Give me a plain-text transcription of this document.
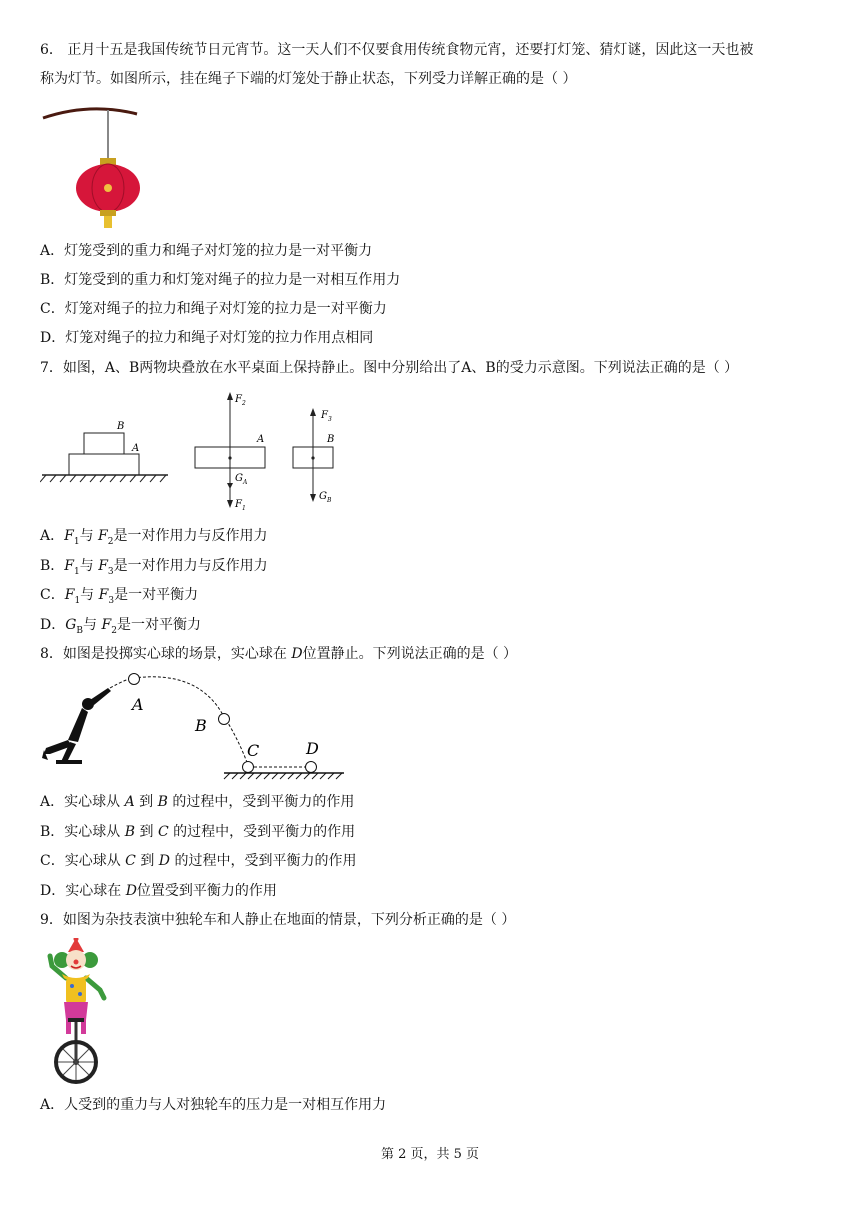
6． 正月十五是我国传统节日元宵节。这一天人们不仅要食用传统食物元宵，还要打灯笼、猜灯谜，因此这一天也被
称为灯节。如图所示，挂在绳子下端的灯笼处于静止状态，下列受力详解正确的是（ ）
A．灯笼受到的重力和绳子对灯笼的拉力是一对平衡力
B．灯笼受到的重力和灯笼对绳子的拉力是一对相互作用力
C．灯笼对绳子的拉力和绳子对灯笼的拉力是一对平衡力
D．灯笼对绳子的拉力和绳子对灯笼的拉力作用点相同
7．如图，A、B两物块叠放在水平桌面上保持静止。图中分别给出了A、B的受力示意图。下列说法正确的是（ ）
B
A
$F_2$
A
$G_A$
$F_1$
$F_3$
B
$G_B$
A．$F_1$与 $F_2$是一对作用力与反作用力
B．$F_1$与 $F_3$是一对作用力与反作用力
C．$F_1$与 $F_3$是一对平衡力
D．$G_B$与 $F_2$是一对平衡力
8．如图是投掷实心球的场景，实心球在 D位置静止。下列说法正确的是（ ）
A
B
C	D
A．实心球从 A 到 B 的过程中，受到平衡力的作用
B．实心球从 B 到 C 的过程中，受到平衡力的作用
C．实心球从 C 到 D 的过程中，受到平衡力的作用
D．实心球在 D位置受到平衡力的作用
9．如图为杂技表演中独轮车和人静止在地面的情景，下列分析正确的是（ ）
A．人受到的重力与人对独轮车的压力是一对相互作用力
第 2 页，共 5 页
